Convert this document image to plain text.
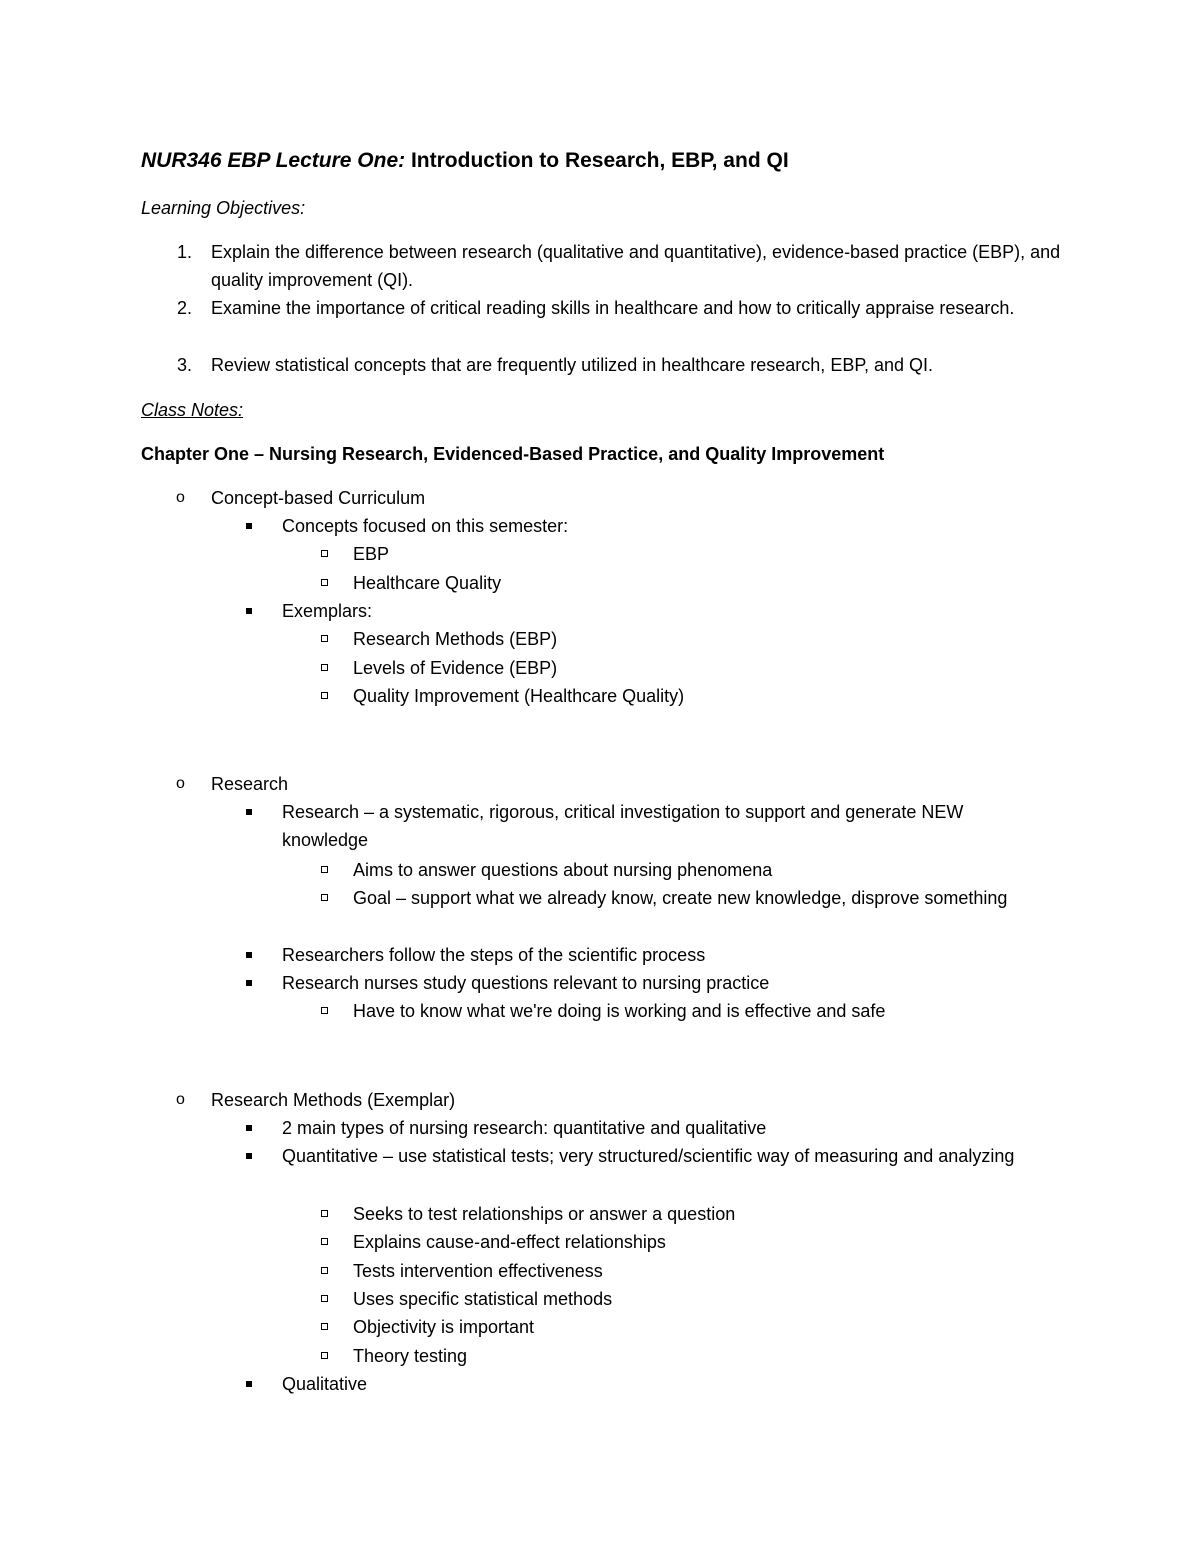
NUR346 EBP Lecture One: Introduction to Research, EBP, and QI
Learning Objectives:
1.	Explain the difference between research (qualitative and quantitative), evidence-based practice (EBP), and quality improvement (QI).
2.	Examine the importance of critical reading skills in healthcare and how to critically appraise research.
3.	Review statistical concepts that are frequently utilized in healthcare research, EBP, and QI.
Class Notes:
Chapter One – Nursing Research, Evidenced-Based Practice, and Quality Improvement
o Concept-based Curriculum
Concepts focused on this semester:
EBP
Healthcare Quality
Exemplars:
Research Methods (EBP)
Levels of Evidence (EBP)
Quality Improvement (Healthcare Quality)
o Research
Research – a systematic, rigorous, critical investigation to support and generate NEW knowledge
Aims to answer questions about nursing phenomena
Goal – support what we already know, create new knowledge, disprove something
Researchers follow the steps of the scientific process
Research nurses study questions relevant to nursing practice
Have to know what we're doing is working and is effective and safe
o Research Methods (Exemplar)
2 main types of nursing research: quantitative and qualitative
Quantitative – use statistical tests; very structured/scientific way of measuring and analyzing
Seeks to test relationships or answer a question
Explains cause-and-effect relationships
Tests intervention effectiveness
Uses specific statistical methods
Objectivity is important
Theory testing
Qualitative
